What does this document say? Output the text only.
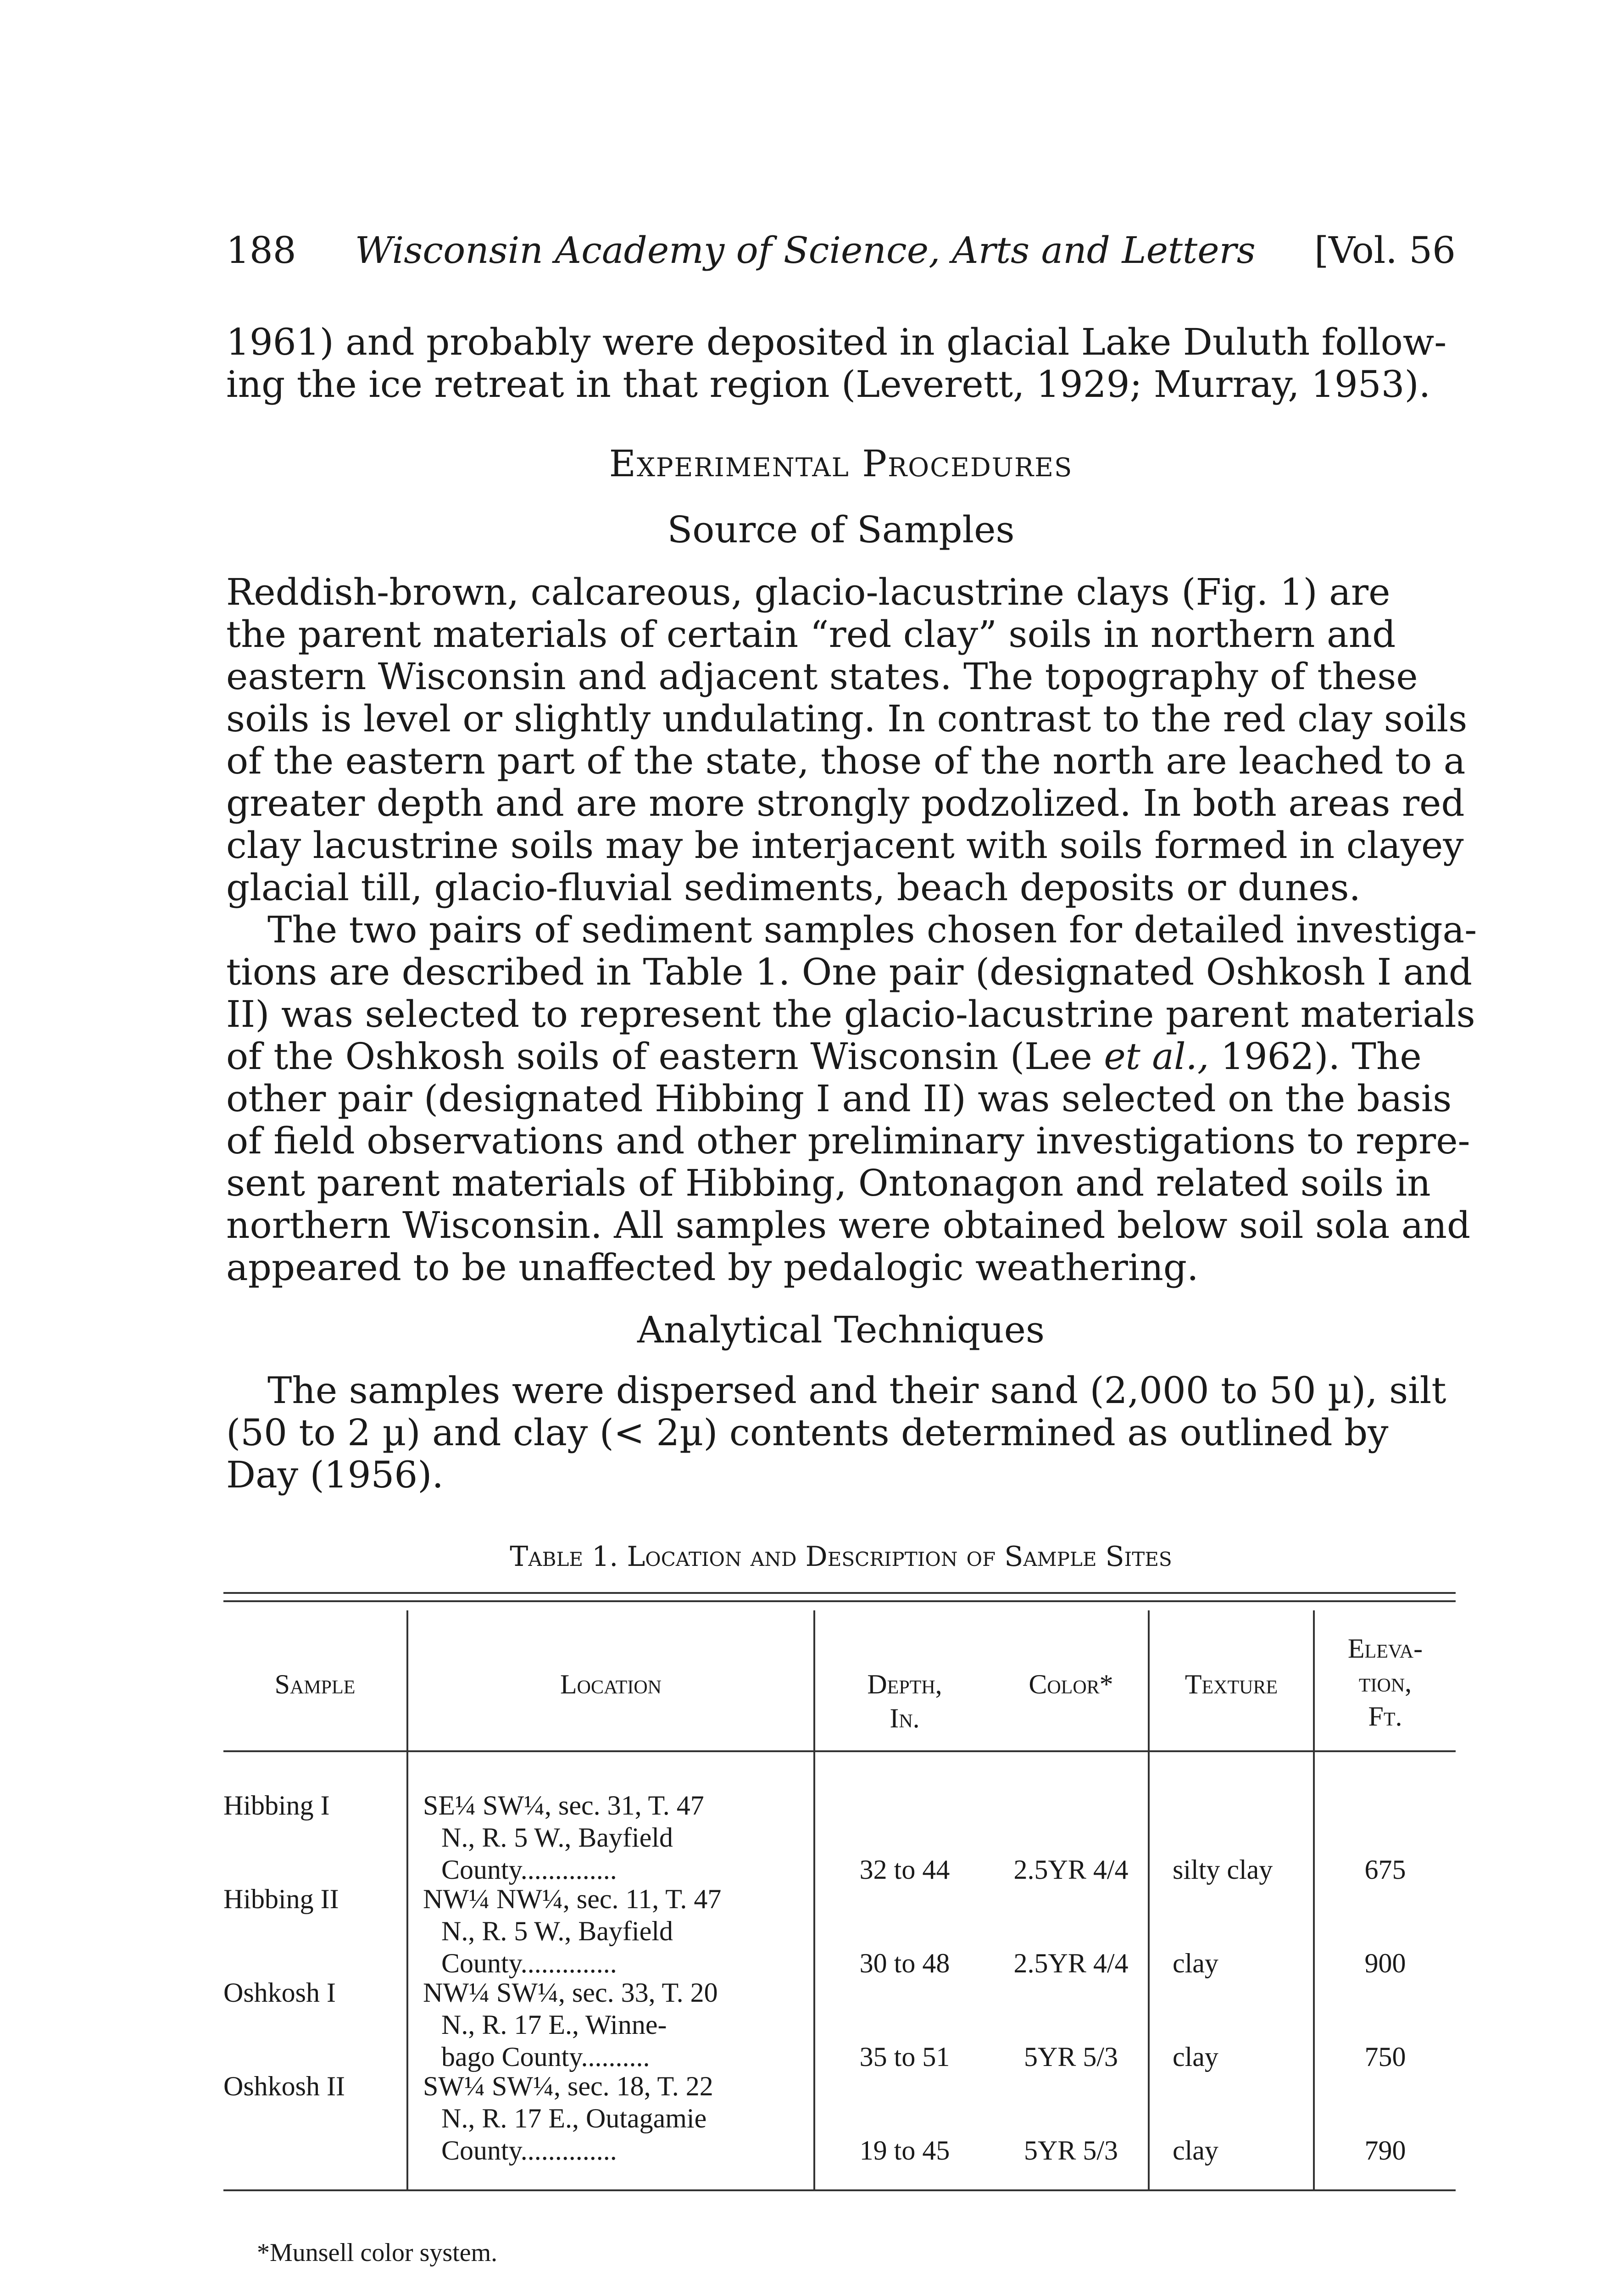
188 Wisconsin Academy of Science, Arts and Letters [Vol. 56
1961) and probably were deposited in glacial Lake Duluth follow-
ing the ice retreat in that region (Leverett, 1929; Murray, 1953).
Experimental Procedures
Source of Samples
Reddish-brown, calcareous, glacio-lacustrine clays (Fig. 1) are
the parent materials of certain “red clay” soils in northern and
eastern Wisconsin and adjacent states. The topography of these
soils is level or slightly undulating. In contrast to the red clay soils
of the eastern part of the state, those of the north are leached to a
greater depth and are more strongly podzolized. In both areas red
clay lacustrine soils may be interjacent with soils formed in clayey
glacial till, glacio-fluvial sediments, beach deposits or dunes.
The two pairs of sediment samples chosen for detailed investiga-
tions are described in Table 1. One pair (designated Oshkosh I and
II) was selected to represent the glacio-lacustrine parent materials
of the Oshkosh soils of eastern Wisconsin (Lee et al., 1962). The
other pair (designated Hibbing I and II) was selected on the basis
of field observations and other preliminary investigations to repre-
sent parent materials of Hibbing, Ontonagon and related soils in
northern Wisconsin. All samples were obtained below soil sola and
appeared to be unaffected by pedalogic weathering.
Analytical Techniques
The samples were dispersed and their sand (2,000 to 50 µ), silt
(50 to 2 µ) and clay (< 2µ) contents determined as outlined by
Day (1956).
Table 1. Location and Description of Sample Sites
Sample	Location	Depth,
In.
Color*	Texture
Eleva-
tion,
Ft.
Hibbing I	SE¼ SW¼, sec. 31, T. 47
N., R. 5 W., Bayfield
County..............	32 to 44	2.5YR 4/4	silty clay	675
Hibbing II	NW¼ NW¼, sec. 11, T. 47
N., R. 5 W., Bayfield
County..............	30 to 48	2.5YR 4/4	clay	900
Oshkosh I	NW¼ SW¼, sec. 33, T. 20
N., R. 17 E., Winne-
bago County..........	35 to 51	5YR 5/3	clay	750
Oshkosh II	SW¼ SW¼, sec. 18, T. 22
N., R. 17 E., Outagamie
County..............	19 to 45	5YR 5/3	clay	790
*Munsell color system.
